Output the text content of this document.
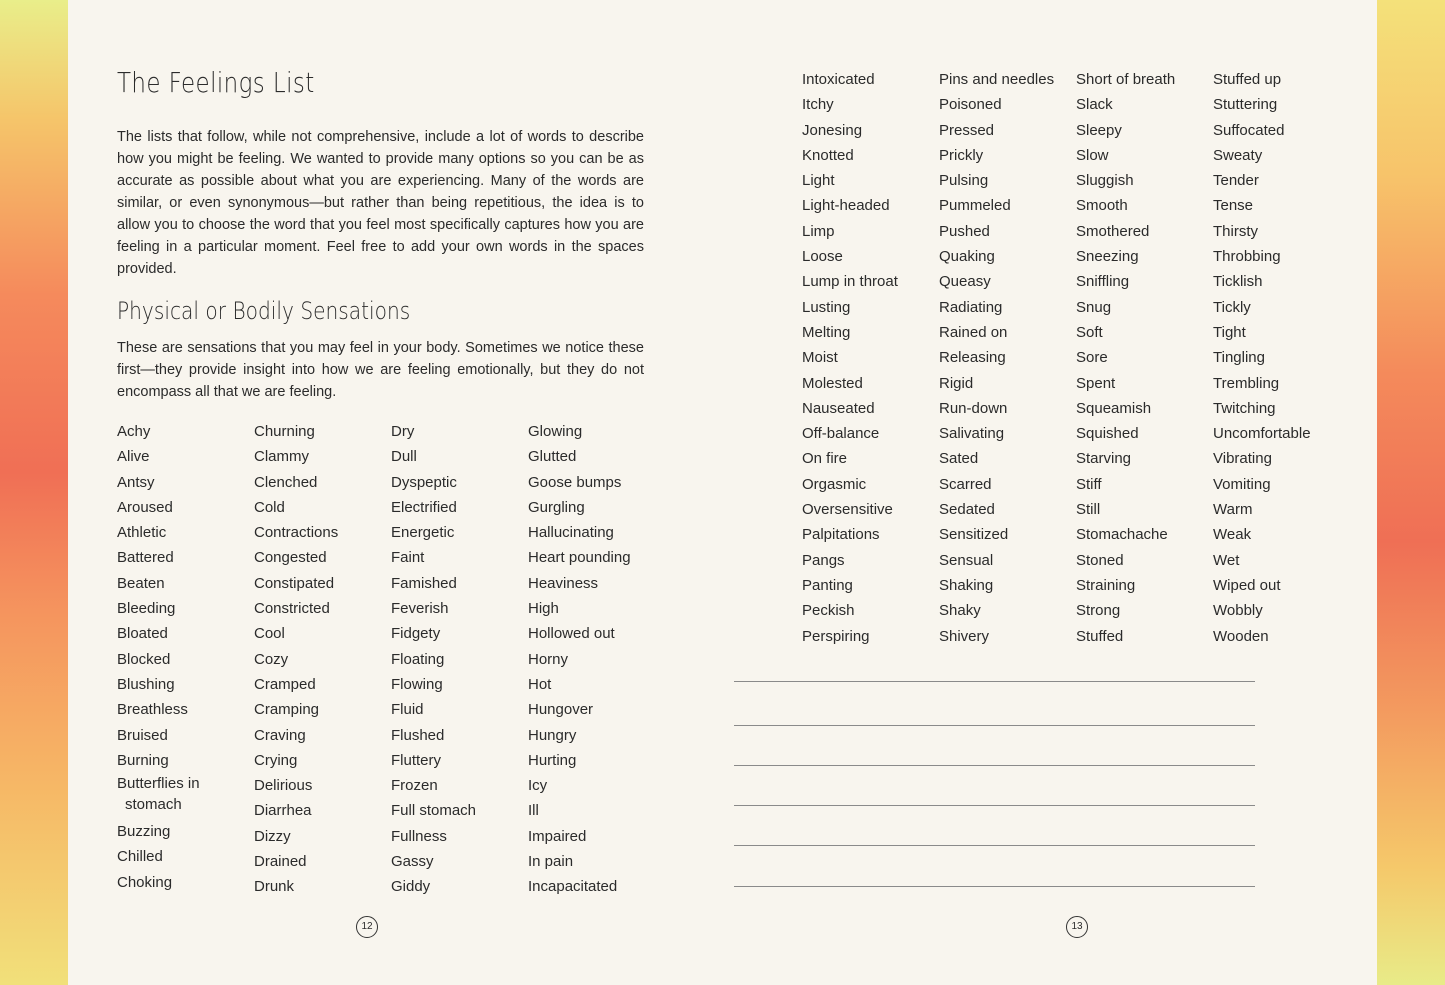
The Feelings List

The lists that follow, while not comprehensive, include a lot of words to describe how you might be feeling. We wanted to provide many options so you can be as accurate as possible about what you are experiencing. Many of the words are similar, or even synonymous—but rather than being repetitious, the idea is to allow you to choose the word that you feel most specifically captures how you are feeling in a particular moment. Feel free to add your own words in the spaces provided.

Physical or Bodily Sensations

These are sensations that you may feel in your body. Sometimes we notice these first—they provide insight into how we are feeling emotionally, but they do not encompass all that we are feeling.

Achy
Alive
Antsy
Aroused
Athletic
Battered
Beaten
Bleeding
Bloated
Blocked
Blushing
Breathless
Bruised
Burning
Butterflies in
stomach
Buzzing
Chilled
Choking
Churning
Clammy
Clenched
Cold
Contractions
Congested
Constipated
Constricted
Cool
Cozy
Cramped
Cramping
Craving
Crying
Delirious
Diarrhea
Dizzy
Drained
Drunk
Dry
Dull
Dyspeptic
Electrified
Energetic
Faint
Famished
Feverish
Fidgety
Floating
Flowing
Fluid
Flushed
Fluttery
Frozen
Full stomach
Fullness
Gassy
Giddy
Glowing
Glutted
Goose bumps
Gurgling
Hallucinating
Heart pounding
Heaviness
High
Hollowed out
Horny
Hot
Hungover
Hungry
Hurting
Icy
Ill
Impaired
In pain
Incapacitated
12
Intoxicated
Itchy
Jonesing
Knotted
Light
Light-headed
Limp
Loose
Lump in throat
Lusting
Melting
Moist
Molested
Nauseated
Off-balance
On fire
Orgasmic
Oversensitive
Palpitations
Pangs
Panting
Peckish
Perspiring
Pins and needles
Poisoned
Pressed
Prickly
Pulsing
Pummeled
Pushed
Quaking
Queasy
Radiating
Rained on
Releasing
Rigid
Run-down
Salivating
Sated
Scarred
Sedated
Sensitized
Sensual
Shaking
Shaky
Shivery
Short of breath
Slack
Sleepy
Slow
Sluggish
Smooth
Smothered
Sneezing
Sniffling
Snug
Soft
Sore
Spent
Squeamish
Squished
Starving
Stiff
Still
Stomachache
Stoned
Straining
Strong
Stuffed
Stuffed up
Stuttering
Suffocated
Sweaty
Tender
Tense
Thirsty
Throbbing
Ticklish
Tickly
Tight
Tingling
Trembling
Twitching
Uncomfortable
Vibrating
Vomiting
Warm
Weak
Wet
Wiped out
Wobbly
Wooden
13
